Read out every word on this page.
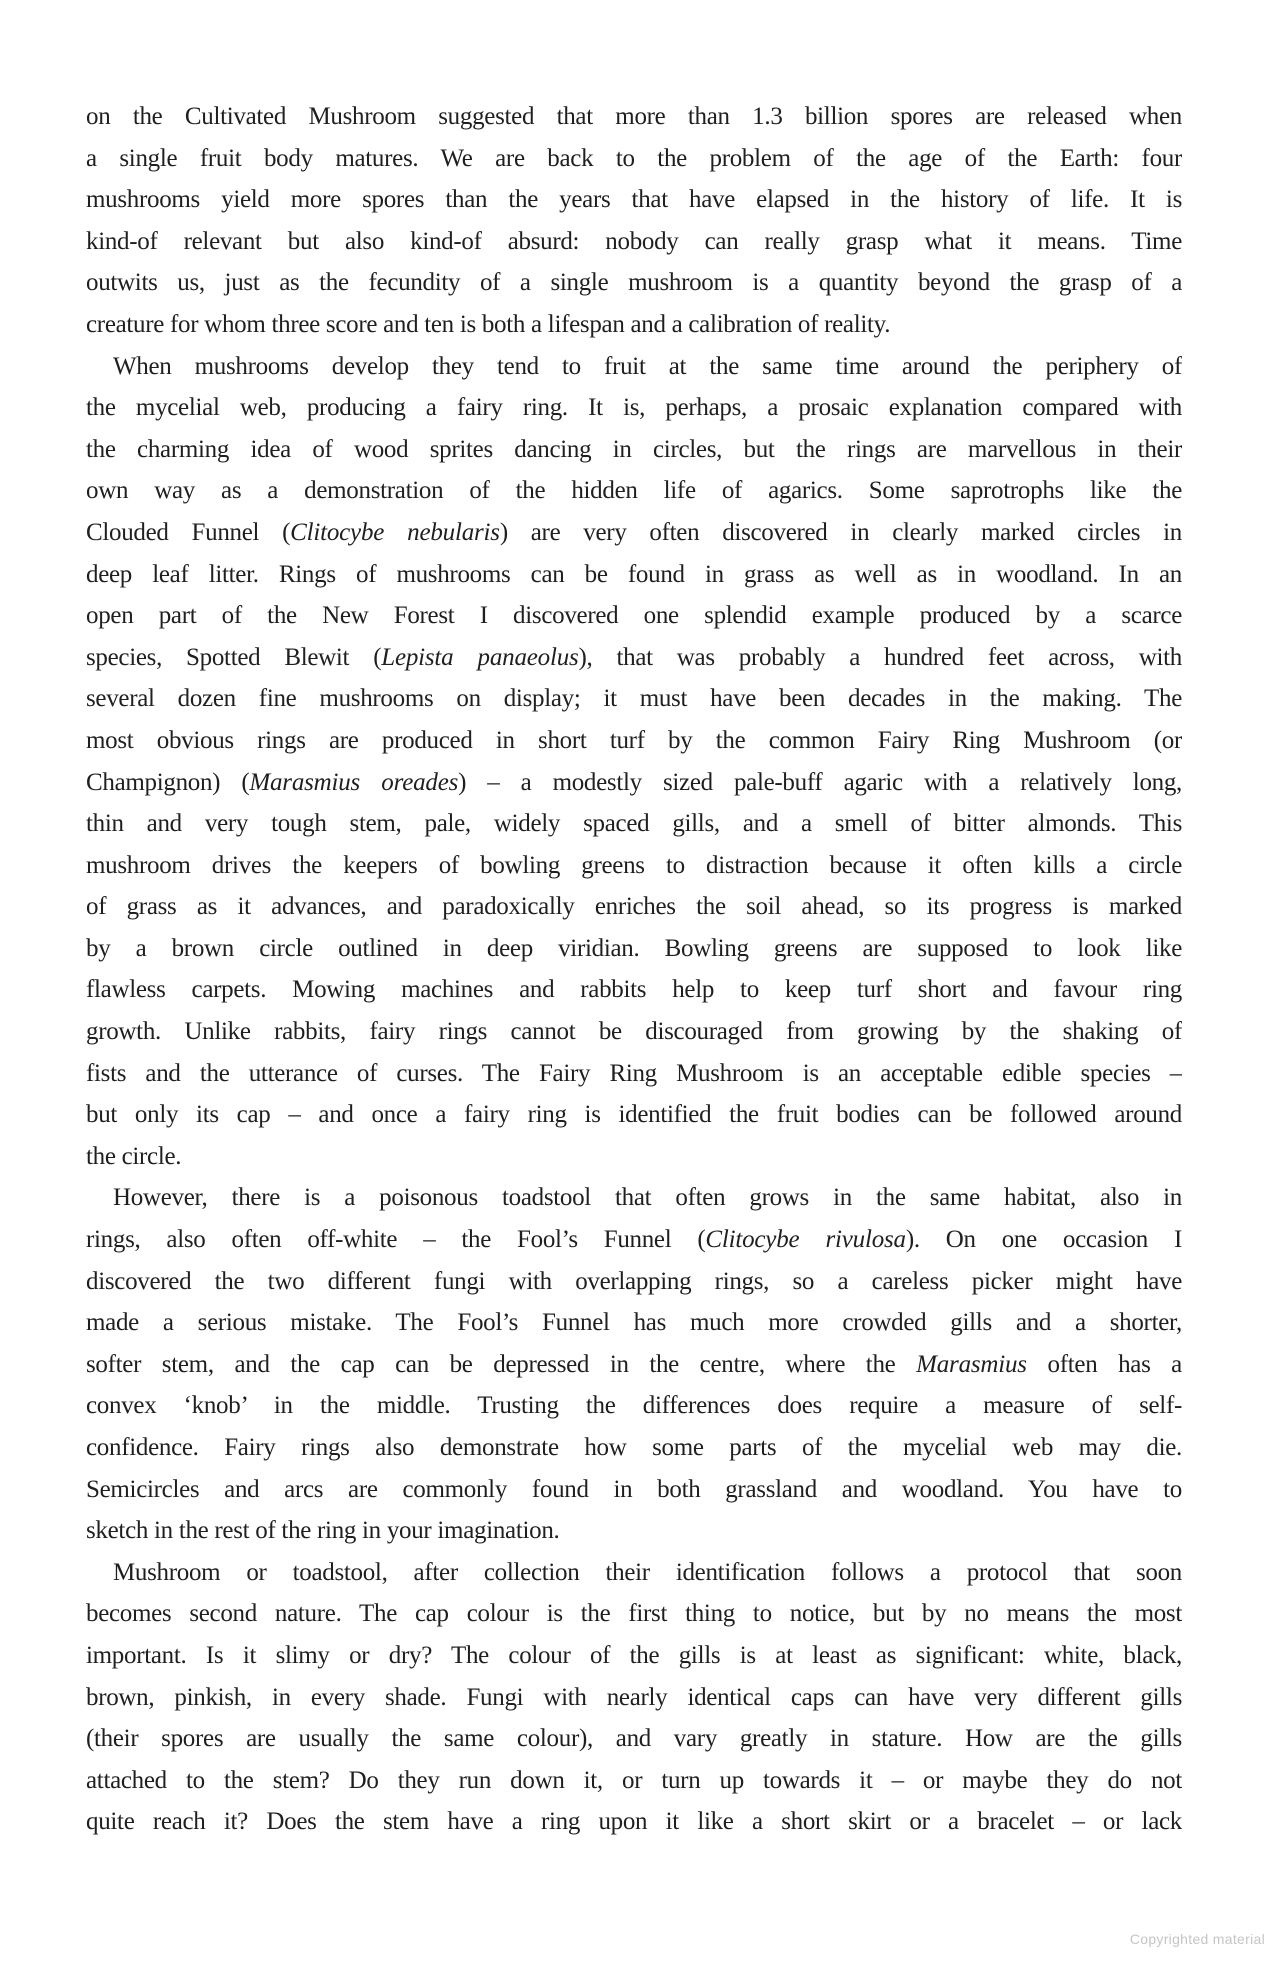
on the Cultivated Mushroom suggested that more than 1.3 billion spores are released when
a single fruit body matures. We are back to the problem of the age of the Earth: four
mushrooms yield more spores than the years that have elapsed in the history of life. It is
kind-of relevant but also kind-of absurd: nobody can really grasp what it means. Time
outwits us, just as the fecundity of a single mushroom is a quantity beyond the grasp of a
creature for whom three score and ten is both a lifespan and a calibration of reality.
When mushrooms develop they tend to fruit at the same time around the periphery of
the mycelial web, producing a fairy ring. It is, perhaps, a prosaic explanation compared with
the charming idea of wood sprites dancing in circles, but the rings are marvellous in their
own way as a demonstration of the hidden life of agarics. Some saprotrophs like the
Clouded Funnel (Clitocybe nebularis) are very often discovered in clearly marked circles in
deep leaf litter. Rings of mushrooms can be found in grass as well as in woodland. In an
open part of the New Forest I discovered one splendid example produced by a scarce
species, Spotted Blewit (Lepista panaeolus), that was probably a hundred feet across, with
several dozen fine mushrooms on display; it must have been decades in the making. The
most obvious rings are produced in short turf by the common Fairy Ring Mushroom (or
Champignon) (Marasmius oreades) – a modestly sized pale-buff agaric with a relatively long,
thin and very tough stem, pale, widely spaced gills, and a smell of bitter almonds. This
mushroom drives the keepers of bowling greens to distraction because it often kills a circle
of grass as it advances, and paradoxically enriches the soil ahead, so its progress is marked
by a brown circle outlined in deep viridian. Bowling greens are supposed to look like
flawless carpets. Mowing machines and rabbits help to keep turf short and favour ring
growth. Unlike rabbits, fairy rings cannot be discouraged from growing by the shaking of
fists and the utterance of curses. The Fairy Ring Mushroom is an acceptable edible species –
but only its cap – and once a fairy ring is identified the fruit bodies can be followed around
the circle.
However, there is a poisonous toadstool that often grows in the same habitat, also in
rings, also often off-white – the Fool’s Funnel (Clitocybe rivulosa). On one occasion I
discovered the two different fungi with overlapping rings, so a careless picker might have
made a serious mistake. The Fool’s Funnel has much more crowded gills and a shorter,
softer stem, and the cap can be depressed in the centre, where the Marasmius often has a
convex ‘knob’ in the middle. Trusting the differences does require a measure of self-
confidence. Fairy rings also demonstrate how some parts of the mycelial web may die.
Semicircles and arcs are commonly found in both grassland and woodland. You have to
sketch in the rest of the ring in your imagination.
Mushroom or toadstool, after collection their identification follows a protocol that soon
becomes second nature. The cap colour is the first thing to notice, but by no means the most
important. Is it slimy or dry? The colour of the gills is at least as significant: white, black,
brown, pinkish, in every shade. Fungi with nearly identical caps can have very different gills
(their spores are usually the same colour), and vary greatly in stature. How are the gills
attached to the stem? Do they run down it, or turn up towards it – or maybe they do not
quite reach it? Does the stem have a ring upon it like a short skirt or a bracelet – or lack
Copyrighted material
